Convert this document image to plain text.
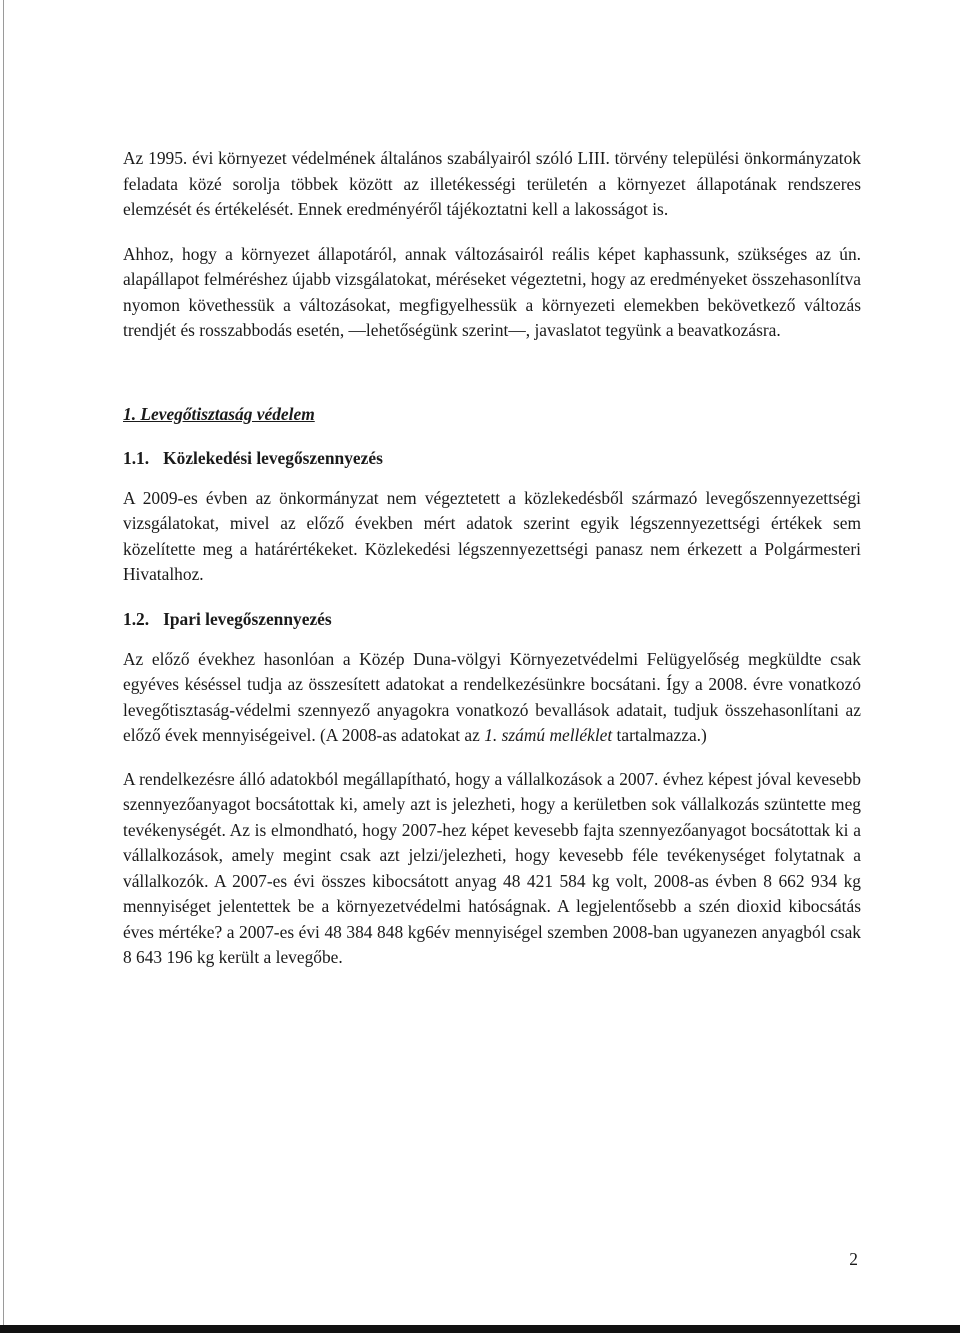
Az 1995. évi környezet védelmének általános szabályairól szóló LIII. törvény települési önkormányzatok feladata közé sorolja többek között az illetékességi területén a környezet állapotának rendszeres elemzését és értékelését. Ennek eredményéről tájékoztatni kell a lakosságot is.

Ahhoz, hogy a környezet állapotáról, annak változásairól reális képet kaphassunk, szükséges az ún. alapállapot felméréshez újabb vizsgálatokat, méréseket végeztetni, hogy az eredményeket összehasonlítva nyomon követhessük a változásokat, megfigyelhessük a környezeti elemekben bekövetkező változás trendjét és rosszabbodás esetén, —lehetőségünk szerint—, javaslatot tegyünk a beavatkozásra.

1. Levegőtisztaság védelem
1.1. Közlekedési levegőszennyezés

A 2009-es évben az önkormányzat nem végeztetett a közlekedésből származó levegőszennyezettségi vizsgálatokat, mivel az előző években mért adatok szerint egyik légszennyezettségi értékek sem közelítette meg a határértékeket. Közlekedési légszennyezettségi panasz nem érkezett a Polgármesteri Hivatalhoz.

1.2. Ipari levegőszennyezés

Az előző évekhez hasonlóan a Közép Duna-völgyi Környezetvédelmi Felügyelőség megküldte csak egyéves késéssel tudja az összesített adatokat a rendelkezésünkre bocsátani. Így a 2008. évre vonatkozó levegőtisztaság-védelmi szennyező anyagokra vonatkozó bevallások adatait, tudjuk összehasonlítani az előző évek mennyiségeivel. (A 2008-as adatokat az 1. számú melléklet tartalmazza.)

A rendelkezésre álló adatokból megállapítható, hogy a vállalkozások a 2007. évhez képest jóval kevesebb szennyezőanyagot bocsátottak ki, amely azt is jelezheti, hogy a kerületben sok vállalkozás szüntette meg tevékenységét. Az is elmondható, hogy 2007-hez képet kevesebb fajta szennyezőanyagot bocsátottak ki a vállalkozások, amely megint csak azt jelzi/jelezheti, hogy kevesebb féle tevékenységet folytatnak a vállalkozók. A 2007-es évi összes kibocsátott anyag 48 421 584 kg volt, 2008-as évben 8 662 934 kg mennyiséget jelentettek be a környezetvédelmi hatóságnak. A legjelentősebb a szén dioxid kibocsátás éves mértéke? a 2007-es évi 48 384 848 kg6év mennyiségel szemben 2008-ban ugyanezen anyagból csak 8 643 196 kg került a levegőbe.

2
